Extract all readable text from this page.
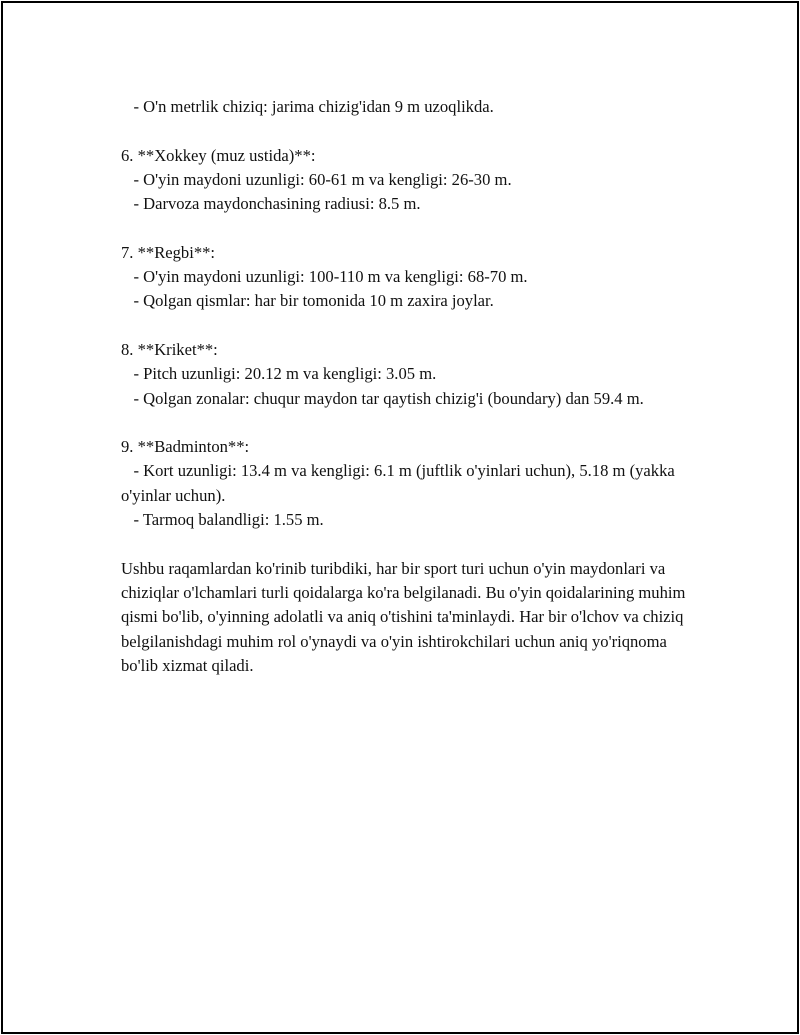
- O'n metrlik chiziq: jarima chizig'idan 9 m uzoqlikda.

6. **Xokkey (muz ustida)**:

- O'yin maydoni uzunligi: 60-61 m va kengligi: 26-30 m.

- Darvoza maydonchasining radiusi: 8.5 m.

7. **Regbi**:

- O'yin maydoni uzunligi: 100-110 m va kengligi: 68-70 m.

- Qolgan qismlar: har bir tomonida 10 m zaxira joylar.

8. **Kriket**:

- Pitch uzunligi: 20.12 m va kengligi: 3.05 m.

- Qolgan zonalar: chuqur maydon tar qaytish chizig'i (boundary) dan 59.4 m.

9. **Badminton**:

- Kort uzunligi: 13.4 m va kengligi: 6.1 m (juftlik o'yinlari uchun), 5.18 m (yakka o'yinlar uchun).

- Tarmoq balandligi: 1.55 m.

Ushbu raqamlardan ko'rinib turibdiki, har bir sport turi uchun o'yin maydonlari va chiziqlar o'lchamlari turli qoidalarga ko'ra belgilanadi. Bu o'yin qoidalarining muhim qismi bo'lib, o'yinning adolatli va aniq o'tishini ta'minlaydi. Har bir o'lchov va chiziq belgilanishdagi muhim rol o'ynaydi va o'yin ishtirokchilari uchun aniq yo'riqnoma bo'lib xizmat qiladi.
